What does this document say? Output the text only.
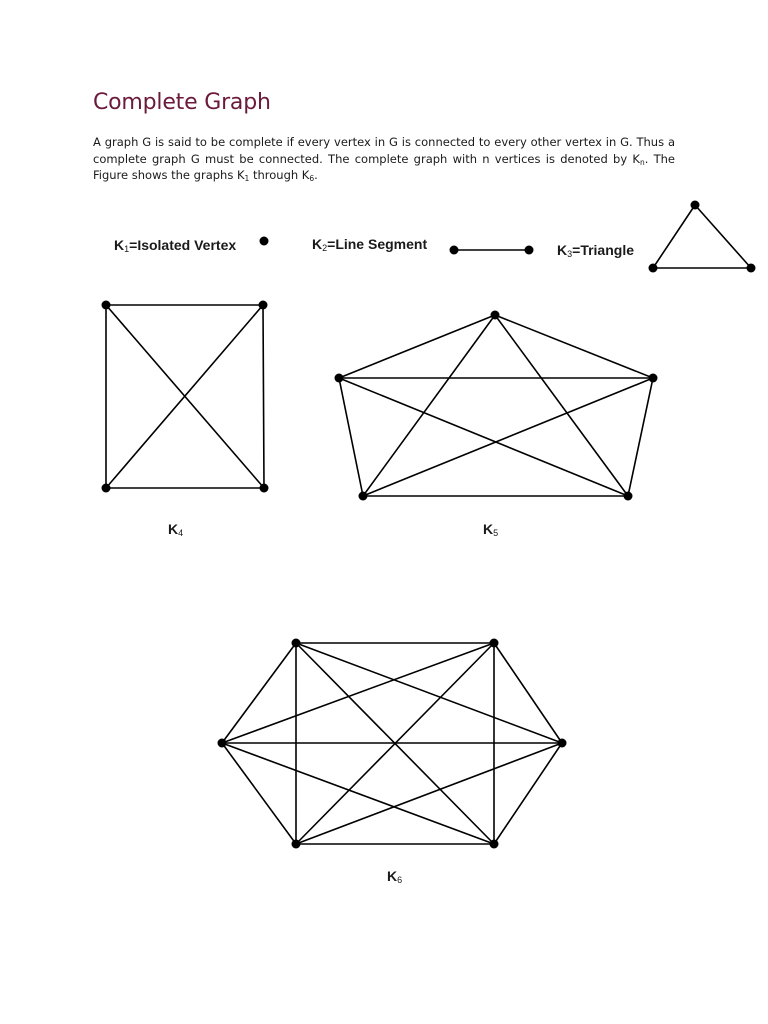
Complete Graph

A graph G is said to be complete if every vertex in G is connected to every other vertex in G. Thus a complete graph G must be connected. The complete graph with n vertices is denoted by $K_n$. The Figure shows the graphs $K_1$ through $K_6$.

$K_1=Isolated$ Vertex	$K_2=Line$ Segment	$K_3=Triangle$
$K_4$	$K_5$
$K_6$
